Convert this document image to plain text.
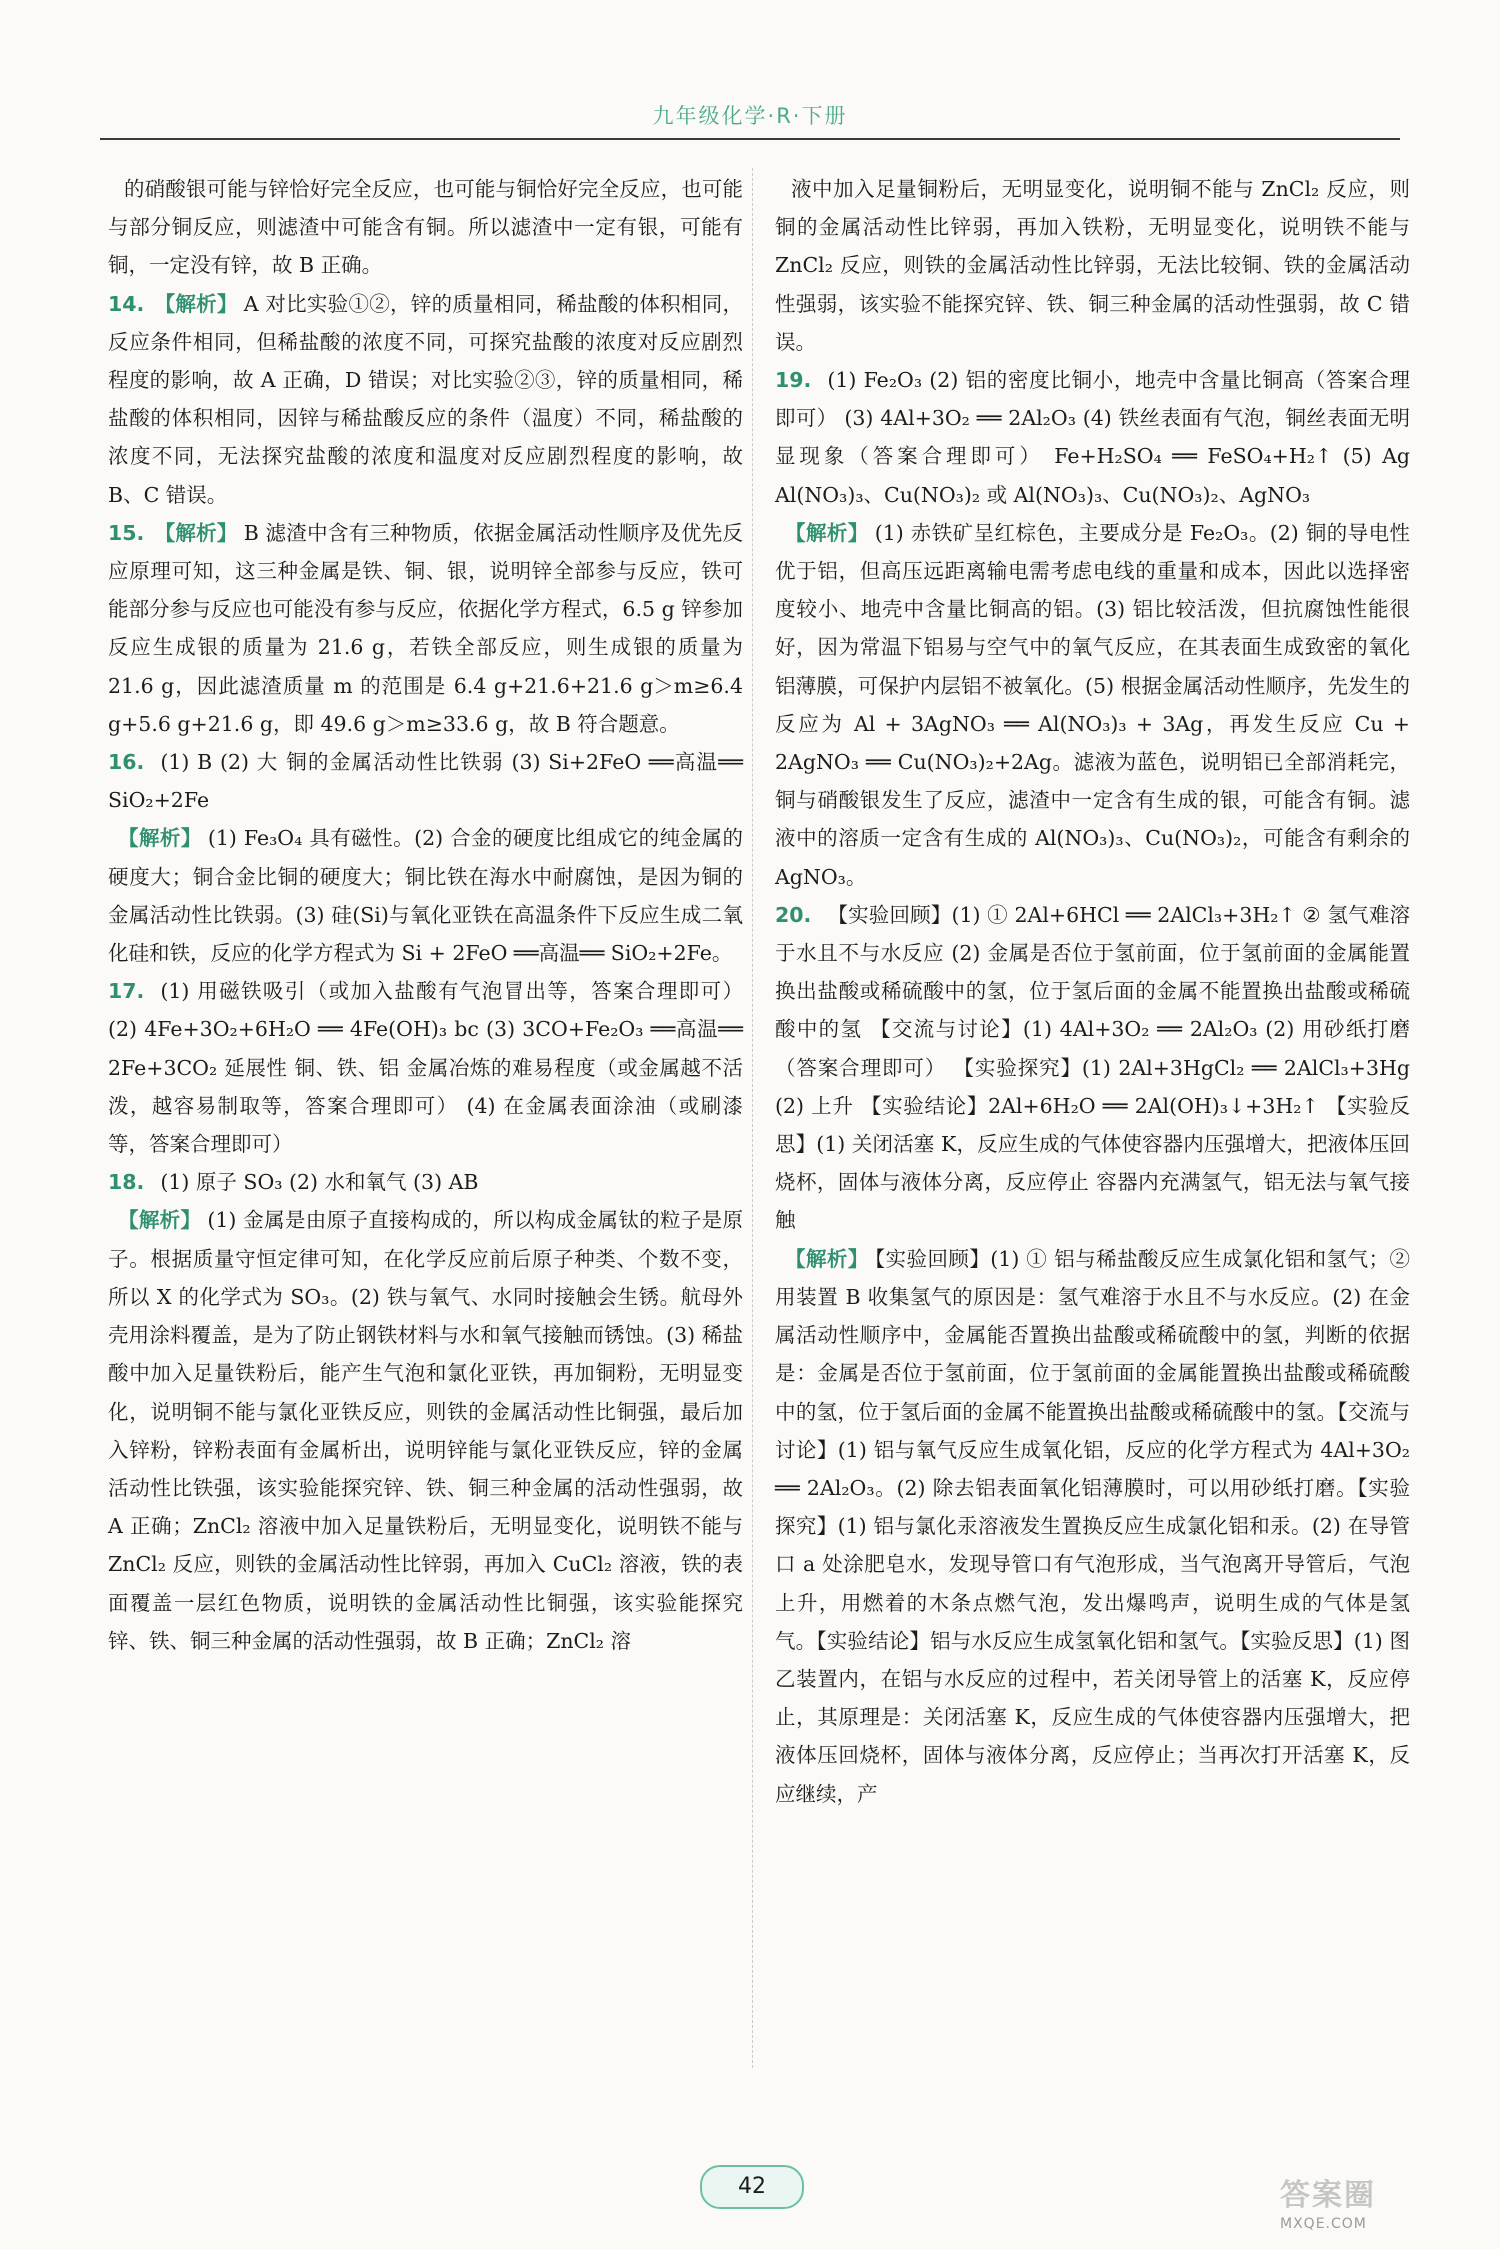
九年级化学·R·下册

的硝酸银可能与锌恰好完全反应，也可能与铜恰好完全反应，也可能与部分铜反应，则滤渣中可能含有铜。所以滤渣中一定有银，可能有铜，一定没有锌，故 B 正确。

14. 【解析】 A 对比实验①②，锌的质量相同，稀盐酸的体积相同，反应条件相同，但稀盐酸的浓度不同，可探究盐酸的浓度对反应剧烈程度的影响，故 A 正确，D 错误；对比实验②③，锌的质量相同，稀盐酸的体积相同，因锌与稀盐酸反应的条件（温度）不同，稀盐酸的浓度不同，无法探究盐酸的浓度和温度对反应剧烈程度的影响，故 B、C 错误。

15. 【解析】 B 滤渣中含有三种物质，依据金属活动性顺序及优先反应原理可知，这三种金属是铁、铜、银，说明锌全部参与反应，铁可能部分参与反应也可能没有参与反应，依据化学方程式，6.5 g 锌参加反应生成银的质量为 21.6 g，若铁全部反应，则生成银的质量为 21.6 g，因此滤渣质量 m 的范围是 6.4 g+21.6+21.6 g＞m≥6.4 g+5.6 g+21.6 g，即 49.6 g＞m≥33.6 g，故 B 符合题意。

16. (1) B (2) 大 铜的金属活动性比铁弱 (3) Si+2FeO ══高温══ SiO₂+2Fe

【解析】 (1) Fe₃O₄ 具有磁性。(2) 合金的硬度比组成它的纯金属的硬度大；铜合金比铜的硬度大；铜比铁在海水中耐腐蚀，是因为铜的金属活动性比铁弱。(3) 硅(Si)与氧化亚铁在高温条件下反应生成二氧化硅和铁，反应的化学方程式为 Si + 2FeO ══高温══ SiO₂+2Fe。

17. (1) 用磁铁吸引（或加入盐酸有气泡冒出等，答案合理即可） (2) 4Fe+3O₂+6H₂O ══ 4Fe(OH)₃ bc (3) 3CO+Fe₂O₃ ══高温══ 2Fe+3CO₂ 延展性 铜、铁、铝 金属冶炼的难易程度（或金属越不活泼，越容易制取等，答案合理即可） (4) 在金属表面涂油（或刷漆等，答案合理即可）

18. (1) 原子 SO₃ (2) 水和氧气 (3) AB

【解析】 (1) 金属是由原子直接构成的，所以构成金属钛的粒子是原子。根据质量守恒定律可知，在化学反应前后原子种类、个数不变，所以 X 的化学式为 SO₃。(2) 铁与氧气、水同时接触会生锈。航母外壳用涂料覆盖，是为了防止钢铁材料与水和氧气接触而锈蚀。(3) 稀盐酸中加入足量铁粉后，能产生气泡和氯化亚铁，再加铜粉，无明显变化，说明铜不能与氯化亚铁反应，则铁的金属活动性比铜强，最后加入锌粉，锌粉表面有金属析出，说明锌能与氯化亚铁反应，锌的金属活动性比铁强，该实验能探究锌、铁、铜三种金属的活动性强弱，故 A 正确；ZnCl₂ 溶液中加入足量铁粉后，无明显变化，说明铁不能与 ZnCl₂ 反应，则铁的金属活动性比锌弱，再加入 CuCl₂ 溶液，铁的表面覆盖一层红色物质，说明铁的金属活动性比铜强，该实验能探究锌、铁、铜三种金属的活动性强弱，故 B 正确；ZnCl₂ 溶

液中加入足量铜粉后，无明显变化，说明铜不能与 ZnCl₂ 反应，则铜的金属活动性比锌弱，再加入铁粉，无明显变化，说明铁不能与 ZnCl₂ 反应，则铁的金属活动性比锌弱，无法比较铜、铁的金属活动性强弱，该实验不能探究锌、铁、铜三种金属的活动性强弱，故 C 错误。

19. (1) Fe₂O₃ (2) 铝的密度比铜小，地壳中含量比铜高（答案合理即可） (3) 4Al+3O₂ ══ 2Al₂O₃ (4) 铁丝表面有气泡，铜丝表面无明显现象（答案合理即可） Fe+H₂SO₄ ══ FeSO₄+H₂↑ (5) Ag Al(NO₃)₃、Cu(NO₃)₂ 或 Al(NO₃)₃、Cu(NO₃)₂、AgNO₃

【解析】 (1) 赤铁矿呈红棕色，主要成分是 Fe₂O₃。(2) 铜的导电性优于铝，但高压远距离输电需考虑电线的重量和成本，因此以选择密度较小、地壳中含量比铜高的铝。(3) 铝比较活泼，但抗腐蚀性能很好，因为常温下铝易与空气中的氧气反应，在其表面生成致密的氧化铝薄膜，可保护内层铝不被氧化。(5) 根据金属活动性顺序，先发生的反应为 Al + 3AgNO₃ ══ Al(NO₃)₃ + 3Ag，再发生反应 Cu + 2AgNO₃ ══ Cu(NO₃)₂+2Ag。滤液为蓝色，说明铝已全部消耗完，铜与硝酸银发生了反应，滤渣中一定含有生成的银，可能含有铜。滤液中的溶质一定含有生成的 Al(NO₃)₃、Cu(NO₃)₂，可能含有剩余的 AgNO₃。

20. 【实验回顾】(1) ① 2Al+6HCl ══ 2AlCl₃+3H₂↑ ② 氢气难溶于水且不与水反应 (2) 金属是否位于氢前面，位于氢前面的金属能置换出盐酸或稀硫酸中的氢，位于氢后面的金属不能置换出盐酸或稀硫酸中的氢 【交流与讨论】(1) 4Al+3O₂ ══ 2Al₂O₃ (2) 用砂纸打磨（答案合理即可） 【实验探究】(1) 2Al+3HgCl₂ ══ 2AlCl₃+3Hg (2) 上升 【实验结论】2Al+6H₂O ══ 2Al(OH)₃↓+3H₂↑ 【实验反思】(1) 关闭活塞 K，反应生成的气体使容器内压强增大，把液体压回烧杯，固体与液体分离，反应停止 容器内充满氢气，铝无法与氧气接触

【解析】 【实验回顾】(1) ① 铝与稀盐酸反应生成氯化铝和氢气；② 用装置 B 收集氢气的原因是：氢气难溶于水且不与水反应。(2) 在金属活动性顺序中，金属能否置换出盐酸或稀硫酸中的氢，判断的依据是：金属是否位于氢前面，位于氢前面的金属能置换出盐酸或稀硫酸中的氢，位于氢后面的金属不能置换出盐酸或稀硫酸中的氢。【交流与讨论】(1) 铝与氧气反应生成氧化铝，反应的化学方程式为 4Al+3O₂ ══ 2Al₂O₃。(2) 除去铝表面氧化铝薄膜时，可以用砂纸打磨。【实验探究】(1) 铝与氯化汞溶液发生置换反应生成氯化铝和汞。(2) 在导管口 a 处涂肥皂水，发现导管口有气泡形成，当气泡离开导管后，气泡上升，用燃着的木条点燃气泡，发出爆鸣声，说明生成的气体是氢气。【实验结论】铝与水反应生成氢氧化铝和氢气。【实验反思】(1) 图乙装置内，在铝与水反应的过程中，若关闭导管上的活塞 K，反应停止，其原理是：关闭活塞 K，反应生成的气体使容器内压强增大，把液体压回烧杯，固体与液体分离，反应停止；当再次打开活塞 K，反应继续，产

42	答案圈
MXQE.COM
